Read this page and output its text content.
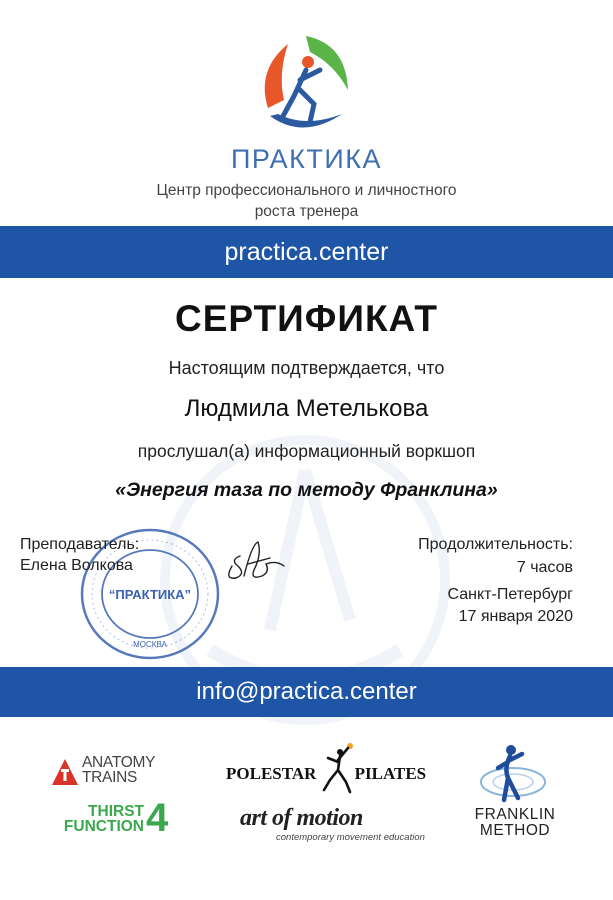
ПРАКТИКА
Центр профессионального и личностного
роста тренера
practica.center
СЕРТИФИКАТ
Настоящим подтверждается, что
Людмила Метелькова
прослушал(а) информационный воркшоп
«Энергия таза по методу Франклина»
“ПРАКТИКА”
МОСКВА
Преподаватель:
Елена Волкова
Продолжительность:
7 часов
Санкт-Петербург
17 января 2020
info@practica.center
ANATOMY
TRAINS
THIRST
FUNCTION 4
POLESTAR PILATES
art of motion
contemporary movement education
FRANKLIN
METHOD
